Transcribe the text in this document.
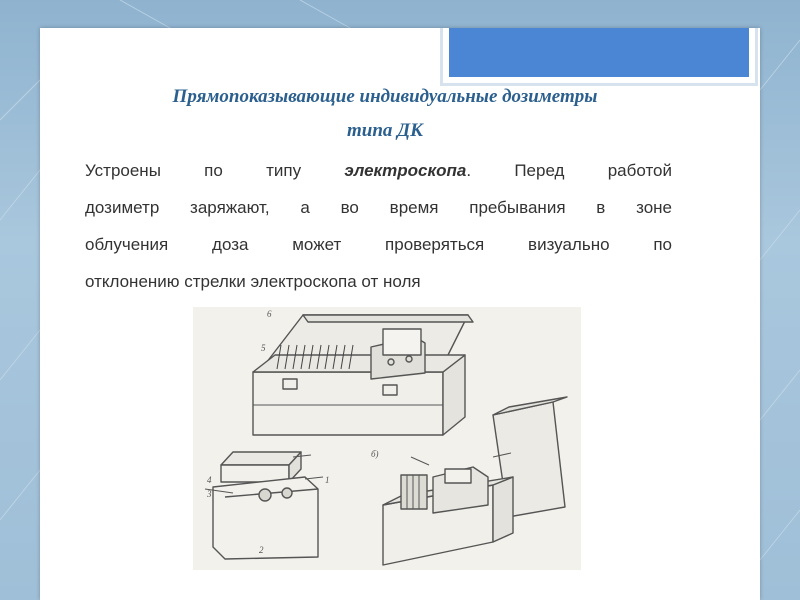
Прямопоказывающие индивидуальные дозиметры
типа ДК
Устроены по типу электроскопа. Перед работой
дозиметр заряжают, а во время пребывания в зоне
облучения доза может проверяться визуально по
отклонению стрелки электроскопа от ноля
6
5
4
3
1
б)
2
